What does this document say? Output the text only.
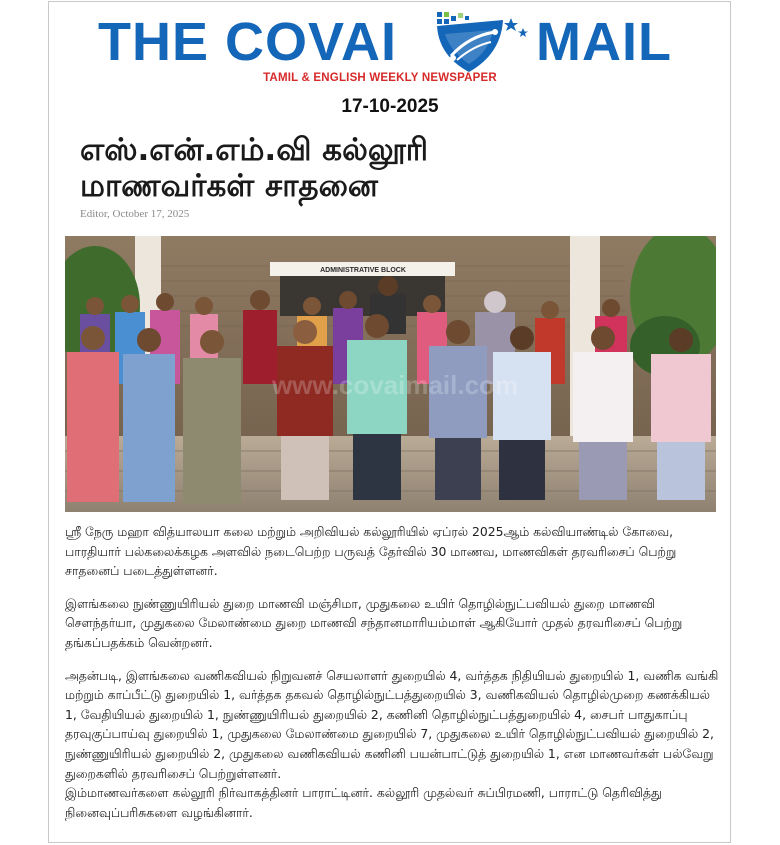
THE COVAI	MAIL
TAMIL & ENGLISH WEEKLY NEWSPAPER
17-10-2025
எஸ்.என்.எம்.வி கல்லூரி
மாணவர்கள் சாதனை
Editor, October 17, 2025
ADMINISTRATIVE BLOCK
www.covaimail.com

ஸ்ரீ நேரு மஹா வித்யாலயா கலை மற்றும் அறிவியல் கல்லூரியில் ஏப்ரல் 2025ஆம் கல்வியாண்டில் கோவை, பாரதியார் பல்கலைக்கழக அளவில் நடைபெற்ற பருவத் தேர்வில் 30 மாணவ, மாணவிகள் தரவரிசைப் பெற்று சாதனைப் படைத்துள்ளனர்.

இளங்கலை நுண்ணுயிரியல் துறை மாணவி மஞ்சிமா, முதுகலை உயிர் தொழில்நுட்பவியல் துறை மாணவி சௌந்தர்யா, முதுகலை மேலாண்மை துறை மாணவி சந்தானமாரியம்மாள் ஆகியோர் முதல் தரவரிசைப் பெற்று தங்கப்பதக்கம் வென்றனர்.

அதன்படி, இளங்கலை வணிகவியல் நிறுவனச் செயலாளர் துறையில் 4, வர்த்தக நிதியியல் துறையில் 1, வணிக வங்கி மற்றும் காப்பீட்டு துறையில் 1, வர்த்தக தகவல் தொழில்நுட்பத்துறையில் 3, வணிகவியல் தொழில்முறை கணக்கியல் 1, வேதியியல் துறையில் 1, நுண்ணுயிரியல் துறையில் 2, கணினி தொழில்நுட்பத்துறையில் 4, சைபர் பாதுகாப்பு தரவுகுப்பாய்வு துறையில் 1, முதுகலை மேலாண்மை துறையில் 7, முதுகலை உயிர் தொழில்நுட்பவியல் துறையில் 2, நுண்ணுயிரியல் துறையில் 2, முதுகலை வணிகவியல் கணினி பயன்பாட்டுத் துறையில் 1, என மாணவர்கள் பல்வேறு துறைகளில் தரவரிசைப் பெற்றுள்ளனர்.

இம்மாணவர்களை கல்லூரி நிர்வாகத்தினர் பாராட்டினர். கல்லூரி முதல்வர் சுப்பிரமணி, பாராட்டு தெரிவித்து நினைவுப்பரிசுகளை வழங்கினார்.
